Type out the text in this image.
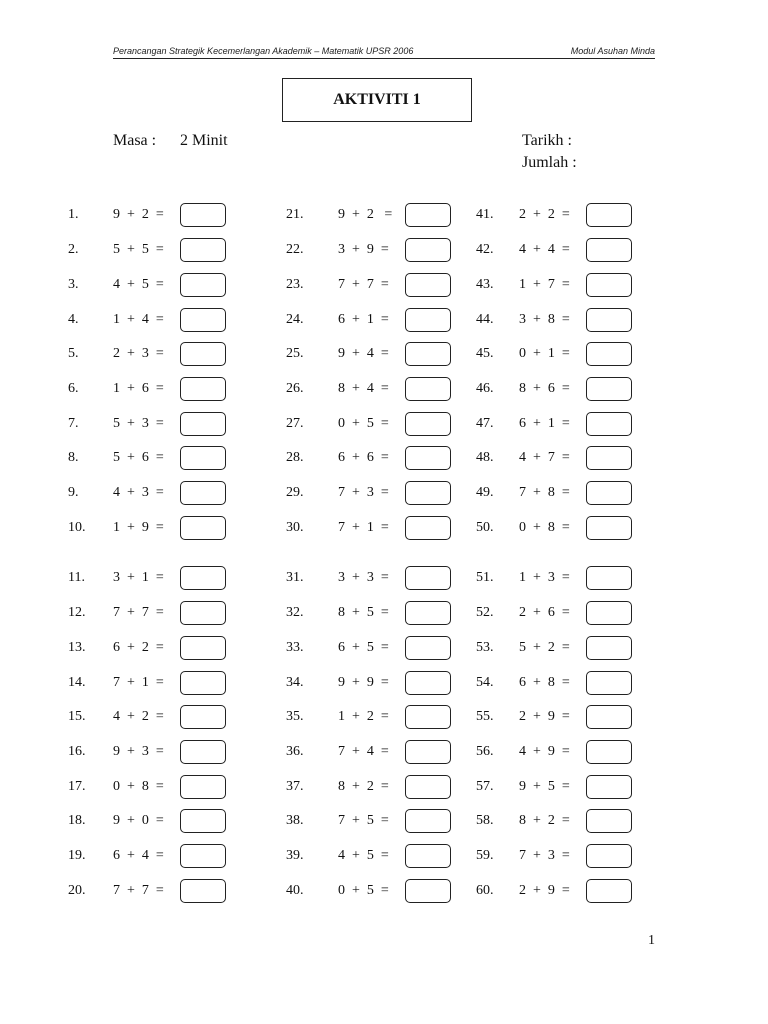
Perancangan Strategik Kecemerlangan Akademik – Matematik UPSR 2006	Modul Asuhan Minda
AKTIVITI 1
Masa : 2 Minit	Tarikh :
Jumlah :
1. 9  +  2  =
2. 5  +  5  =
3. 4  +  5  =
4. 1  +  4  =
5. 2  +  3  =
6. 1  +  6  =
7. 5  +  3  =
8. 5  +  6  =
9. 4  +  3  =
10. 1  +  9  =
11. 3  +  1  =
12. 7  +  7  =
13. 6  +  2  =
14. 7  +  1  =
15. 4  +  2  =
16. 9  +  3  =
17. 0  +  8  =
18. 9  +  0  =
19. 6  +  4  =
20. 7  +  7  =
21. 9  +  2   =
22. 3  +  9  =
23. 7  +  7  =
24. 6  +  1  =
25. 9  +  4  =
26. 8  +  4  =
27. 0  +  5  =
28. 6  +  6  =
29. 7  +  3  =
30. 7  +  1  =
31. 3  +  3  =
32. 8  +  5  =
33. 6  +  5  =
34. 9  +  9  =
35. 1  +  2  =
36. 7  +  4  =
37. 8  +  2  =
38. 7  +  5  =
39. 4  +  5  =
40. 0  +  5  =
41. 2  +  2  =
42. 4  +  4  =
43. 1  +  7  =
44. 3  +  8  =
45. 0  +  1  =
46. 8  +  6  =
47. 6  +  1  =
48. 4  +  7  =
49. 7  +  8  =
50. 0  +  8  =
51. 1  +  3  =
52. 2  +  6  =
53. 5  +  2  =
54. 6  +  8  =
55. 2  +  9  =
56. 4  +  9  =
57. 9  +  5  =
58. 8  +  2  =
59. 7  +  3  =
60. 2  +  9  =
1
